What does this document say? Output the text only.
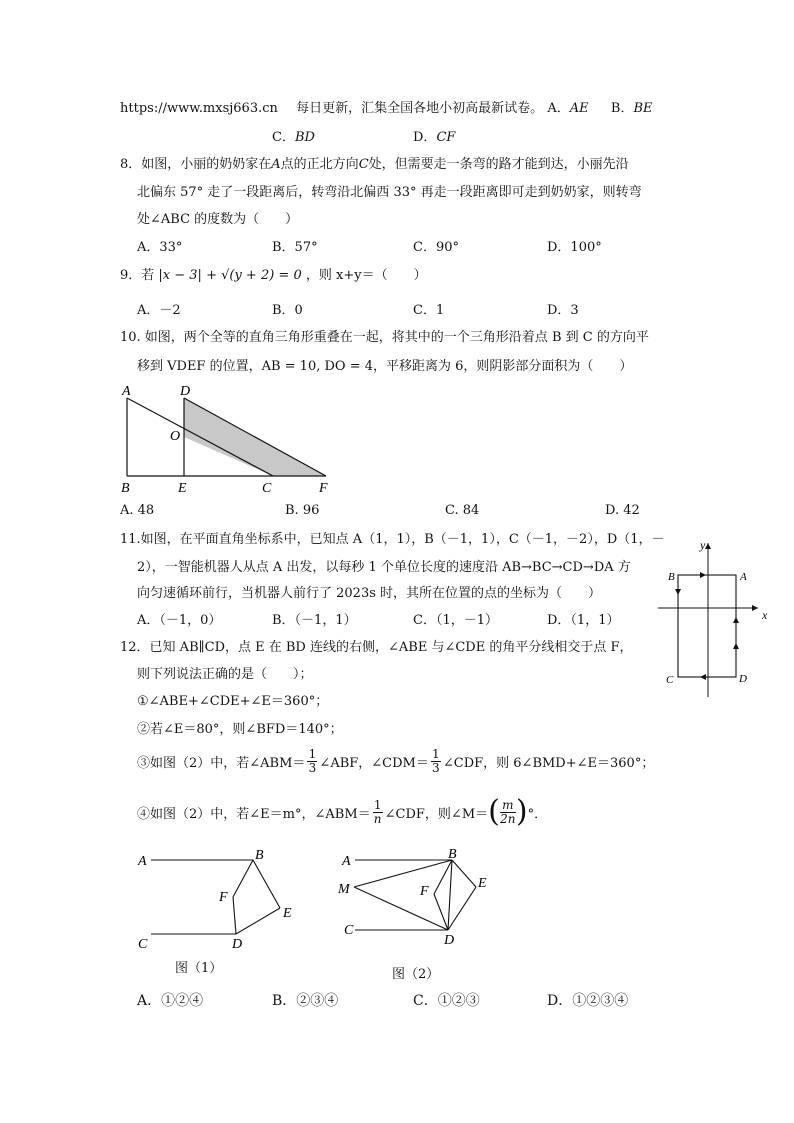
https://www.mxsj663.cn 每日更新，汇集全国各地小初高最新试卷。 A．AE B．BE
C．BD	D．CF
8．如图，小丽的奶奶家在A点的正北方向C处，但需要走一条弯的路才能到达，小丽先沿
北偏东 57° 走了一段距离后，转弯沿北偏西 33° 再走一段距离即可走到奶奶家，则转弯
处∠ABC 的度数为（　　）
A．33°	B．57°	C．90°	D．100°
9．若 |x − 3| + √(y + 2) = 0 ，则 x+y＝（　　）
A．－2	B．0	C．1	D．3
10. 如图，两个全等的直角三角形重叠在一起，将其中的一个三角形沿着点 B 到 C 的方向平
移到 VDEF 的位置，AB = 10, DO = 4，平移距离为 6，则阴影部分面积为（　　）
A	D
O
B	E	C	F
A. 48	B. 96	C. 84	D. 42
11.如图，在平面直角坐标系中，已知点 A（1，1），B（－1，1），C（－1，－2），D（1，－
2），一智能机器人从点 A 出发，以每秒 1 个单位长度的速度沿 AB→BC→CD→DA 方
向匀速循环前行，当机器人前行了 2023s 时，其所在位置的点的坐标为（　　）
A．（－1，0）	B．（－1，1）	C．（1，－1）	D．（1，1）
y
x
A
B
C	D
12．已知 AB∥CD，点 E 在 BD 连线的右侧，∠ABE 与∠CDE 的角平分线相交于点 F，
则下列说法正确的是（　　）；
①∠ABE+∠CDE+∠E＝360°；
②若∠E＝80°，则∠BFD＝140°；
③如图（2）中，若∠ABM＝
1
3 ∠ABF，∠CDM＝
1
3 ∠CDF，则 6∠BMD+∠E＝360°；
④如图（2）中，若∠E＝m°，∠ABM＝
1
n ∠CDF，则∠M＝ ( m
2n ) °．
A	B
F
E
C	D
图（1）
A	B
M	F
E
C
D
图（2）
A．①②④	B．②③④	C．①②③	D．①②③④
